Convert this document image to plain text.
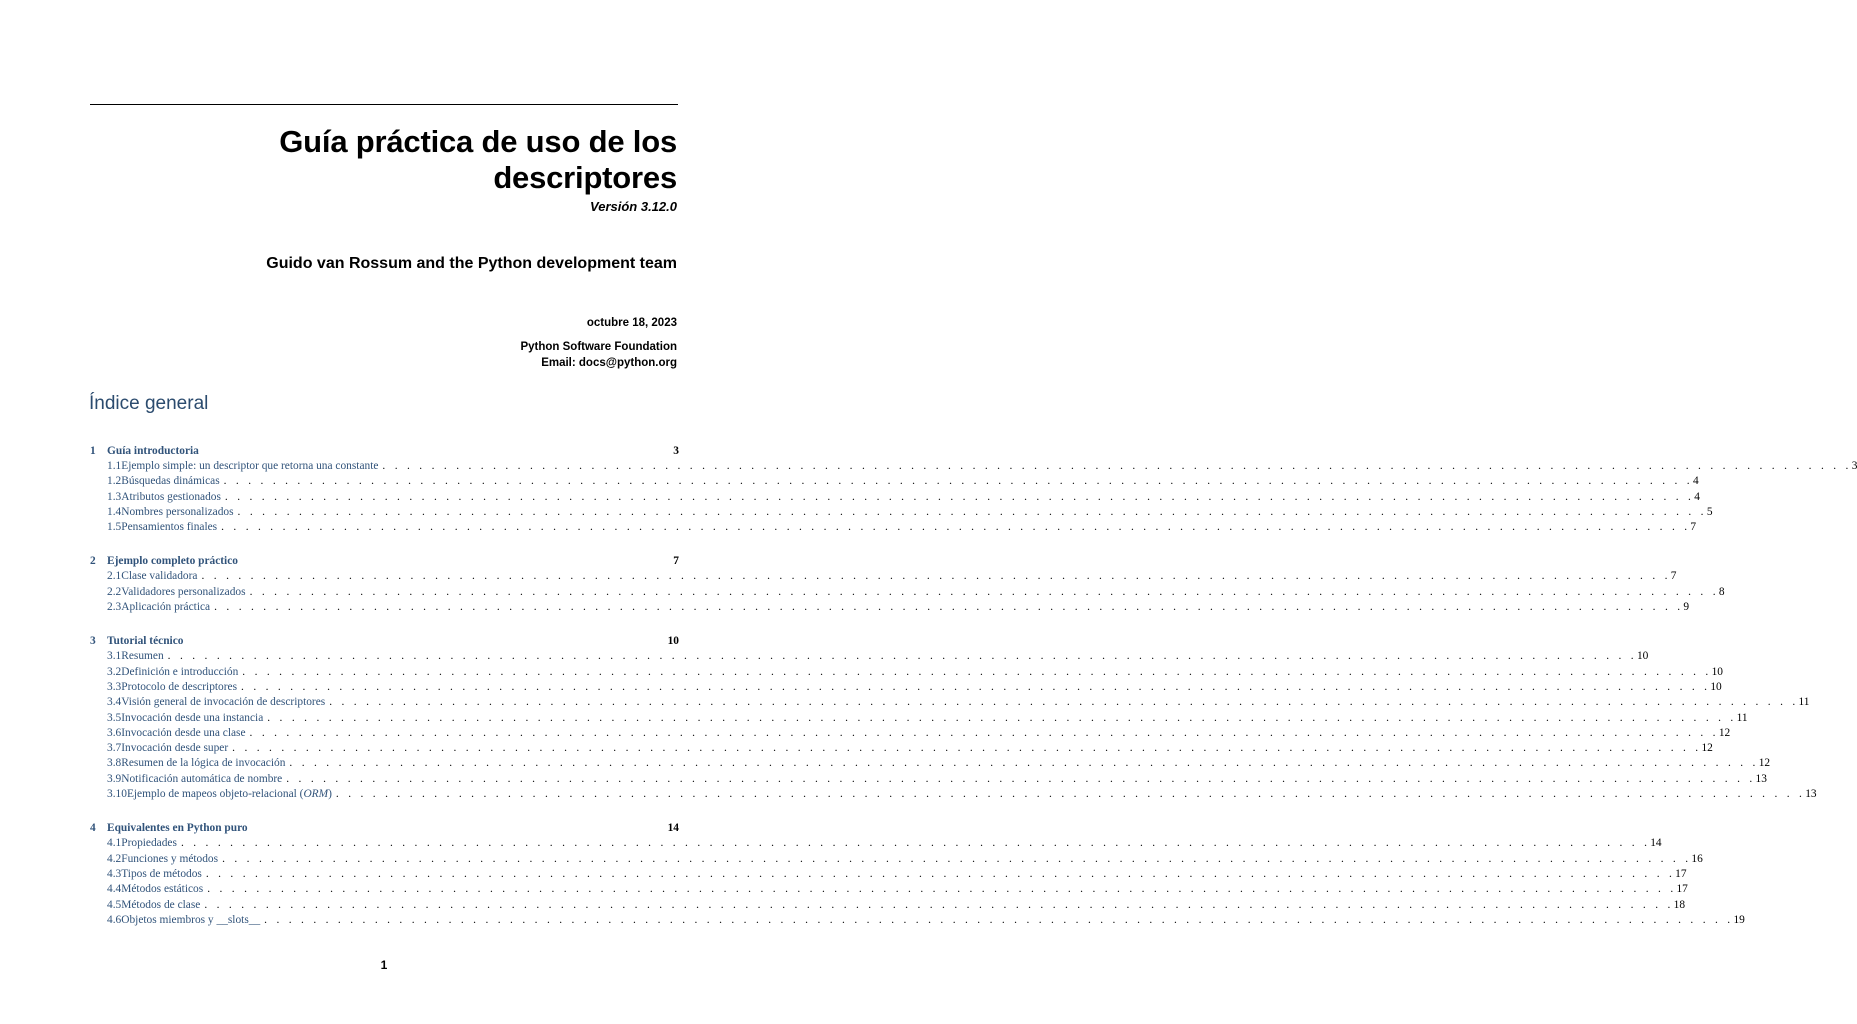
Guía práctica de uso de los descriptores
Versión 3.12.0
Guido van Rossum and the Python development team
octubre 18, 2023
Python Software Foundation
Email: docs@python.org
Índice general
1 Guía introductoria	3
1.1 Ejemplo simple: un descriptor que retorna una constante . . . . . . . . . . . . . . . . . . . . . . . . . . . . . . . . . . . . . . . . . . . . . . . . . . . . . . . . . . . . . . . . . . . . . . . . . . . . . . . . . . . . . . . . . . . . . . . . . . . . . . . . . . . . . . . . . . . . . . . . 3
1.2 Búsquedas dinámicas . . . . . . . . . . . . . . . . . . . . . . . . . . . . . . . . . . . . . . . . . . . . . . . . . . . . . . . . . . . . . . . . . . . . . . . . . . . . . . . . . . . . . . . . . . . . . . . . . . . . . . . . . . . . . . . . . . . . . . . . 4
1.3 Atributos gestionados . . . . . . . . . . . . . . . . . . . . . . . . . . . . . . . . . . . . . . . . . . . . . . . . . . . . . . . . . . . . . . . . . . . . . . . . . . . . . . . . . . . . . . . . . . . . . . . . . . . . . . . . . . . . . . . . . . . . . . . . 4
1.4 Nombres personalizados . . . . . . . . . . . . . . . . . . . . . . . . . . . . . . . . . . . . . . . . . . . . . . . . . . . . . . . . . . . . . . . . . . . . . . . . . . . . . . . . . . . . . . . . . . . . . . . . . . . . . . . . . . . . . . . . . . . . . . . . 5
1.5 Pensamientos finales . . . . . . . . . . . . . . . . . . . . . . . . . . . . . . . . . . . . . . . . . . . . . . . . . . . . . . . . . . . . . . . . . . . . . . . . . . . . . . . . . . . . . . . . . . . . . . . . . . . . . . . . . . . . . . . . . . . . . . . . 7
2 Ejemplo completo práctico	7
2.1 Clase validadora . . . . . . . . . . . . . . . . . . . . . . . . . . . . . . . . . . . . . . . . . . . . . . . . . . . . . . . . . . . . . . . . . . . . . . . . . . . . . . . . . . . . . . . . . . . . . . . . . . . . . . . . . . . . . . . . . . . . . . . . 7
2.2 Validadores personalizados . . . . . . . . . . . . . . . . . . . . . . . . . . . . . . . . . . . . . . . . . . . . . . . . . . . . . . . . . . . . . . . . . . . . . . . . . . . . . . . . . . . . . . . . . . . . . . . . . . . . . . . . . . . . . . . . . . . . . . . . 8
2.3 Aplicación práctica . . . . . . . . . . . . . . . . . . . . . . . . . . . . . . . . . . . . . . . . . . . . . . . . . . . . . . . . . . . . . . . . . . . . . . . . . . . . . . . . . . . . . . . . . . . . . . . . . . . . . . . . . . . . . . . . . . . . . . . . 9
3 Tutorial técnico	10
3.1 Resumen . . . . . . . . . . . . . . . . . . . . . . . . . . . . . . . . . . . . . . . . . . . . . . . . . . . . . . . . . . . . . . . . . . . . . . . . . . . . . . . . . . . . . . . . . . . . . . . . . . . . . . . . . . . . . . . . . . . . . . . . 10
3.2 Definición e introducción . . . . . . . . . . . . . . . . . . . . . . . . . . . . . . . . . . . . . . . . . . . . . . . . . . . . . . . . . . . . . . . . . . . . . . . . . . . . . . . . . . . . . . . . . . . . . . . . . . . . . . . . . . . . . . . . . . . . . . . . 10
3.3 Protocolo de descriptores . . . . . . . . . . . . . . . . . . . . . . . . . . . . . . . . . . . . . . . . . . . . . . . . . . . . . . . . . . . . . . . . . . . . . . . . . . . . . . . . . . . . . . . . . . . . . . . . . . . . . . . . . . . . . . . . . . . . . . . . 10
3.4 Visión general de invocación de descriptores . . . . . . . . . . . . . . . . . . . . . . . . . . . . . . . . . . . . . . . . . . . . . . . . . . . . . . . . . . . . . . . . . . . . . . . . . . . . . . . . . . . . . . . . . . . . . . . . . . . . . . . . . . . . . . . . . . . . . . . . 11
3.5 Invocación desde una instancia . . . . . . . . . . . . . . . . . . . . . . . . . . . . . . . . . . . . . . . . . . . . . . . . . . . . . . . . . . . . . . . . . . . . . . . . . . . . . . . . . . . . . . . . . . . . . . . . . . . . . . . . . . . . . . . . . . . . . . . . 11
3.6 Invocación desde una clase . . . . . . . . . . . . . . . . . . . . . . . . . . . . . . . . . . . . . . . . . . . . . . . . . . . . . . . . . . . . . . . . . . . . . . . . . . . . . . . . . . . . . . . . . . . . . . . . . . . . . . . . . . . . . . . . . . . . . . . . 12
3.7 Invocación desde super . . . . . . . . . . . . . . . . . . . . . . . . . . . . . . . . . . . . . . . . . . . . . . . . . . . . . . . . . . . . . . . . . . . . . . . . . . . . . . . . . . . . . . . . . . . . . . . . . . . . . . . . . . . . . . . . . . . . . . . . 12
3.8 Resumen de la lógica de invocación . . . . . . . . . . . . . . . . . . . . . . . . . . . . . . . . . . . . . . . . . . . . . . . . . . . . . . . . . . . . . . . . . . . . . . . . . . . . . . . . . . . . . . . . . . . . . . . . . . . . . . . . . . . . . . . . . . . . . . . . 12
3.9 Notificación automática de nombre . . . . . . . . . . . . . . . . . . . . . . . . . . . . . . . . . . . . . . . . . . . . . . . . . . . . . . . . . . . . . . . . . . . . . . . . . . . . . . . . . . . . . . . . . . . . . . . . . . . . . . . . . . . . . . . . . . . . . . . . 13
3.10 Ejemplo de mapeos objeto-relacional (ORM) . . . . . . . . . . . . . . . . . . . . . . . . . . . . . . . . . . . . . . . . . . . . . . . . . . . . . . . . . . . . . . . . . . . . . . . . . . . . . . . . . . . . . . . . . . . . . . . . . . . . . . . . . . . . . . . . . . . . . . . . 13
4 Equivalentes en Python puro	14
4.1 Propiedades . . . . . . . . . . . . . . . . . . . . . . . . . . . . . . . . . . . . . . . . . . . . . . . . . . . . . . . . . . . . . . . . . . . . . . . . . . . . . . . . . . . . . . . . . . . . . . . . . . . . . . . . . . . . . . . . . . . . . . . . 14
4.2 Funciones y métodos . . . . . . . . . . . . . . . . . . . . . . . . . . . . . . . . . . . . . . . . . . . . . . . . . . . . . . . . . . . . . . . . . . . . . . . . . . . . . . . . . . . . . . . . . . . . . . . . . . . . . . . . . . . . . . . . . . . . . . . . 16
4.3 Tipos de métodos . . . . . . . . . . . . . . . . . . . . . . . . . . . . . . . . . . . . . . . . . . . . . . . . . . . . . . . . . . . . . . . . . . . . . . . . . . . . . . . . . . . . . . . . . . . . . . . . . . . . . . . . . . . . . . . . . . . . . . . . 17
4.4 Métodos estáticos . . . . . . . . . . . . . . . . . . . . . . . . . . . . . . . . . . . . . . . . . . . . . . . . . . . . . . . . . . . . . . . . . . . . . . . . . . . . . . . . . . . . . . . . . . . . . . . . . . . . . . . . . . . . . . . . . . . . . . . . 17
4.5 Métodos de clase . . . . . . . . . . . . . . . . . . . . . . . . . . . . . . . . . . . . . . . . . . . . . . . . . . . . . . . . . . . . . . . . . . . . . . . . . . . . . . . . . . . . . . . . . . . . . . . . . . . . . . . . . . . . . . . . . . . . . . . . 18
4.6 Objetos miembros y __slots__ . . . . . . . . . . . . . . . . . . . . . . . . . . . . . . . . . . . . . . . . . . . . . . . . . . . . . . . . . . . . . . . . . . . . . . . . . . . . . . . . . . . . . . . . . . . . . . . . . . . . . . . . . . . . . . . . . . . . . . . . 19
1
